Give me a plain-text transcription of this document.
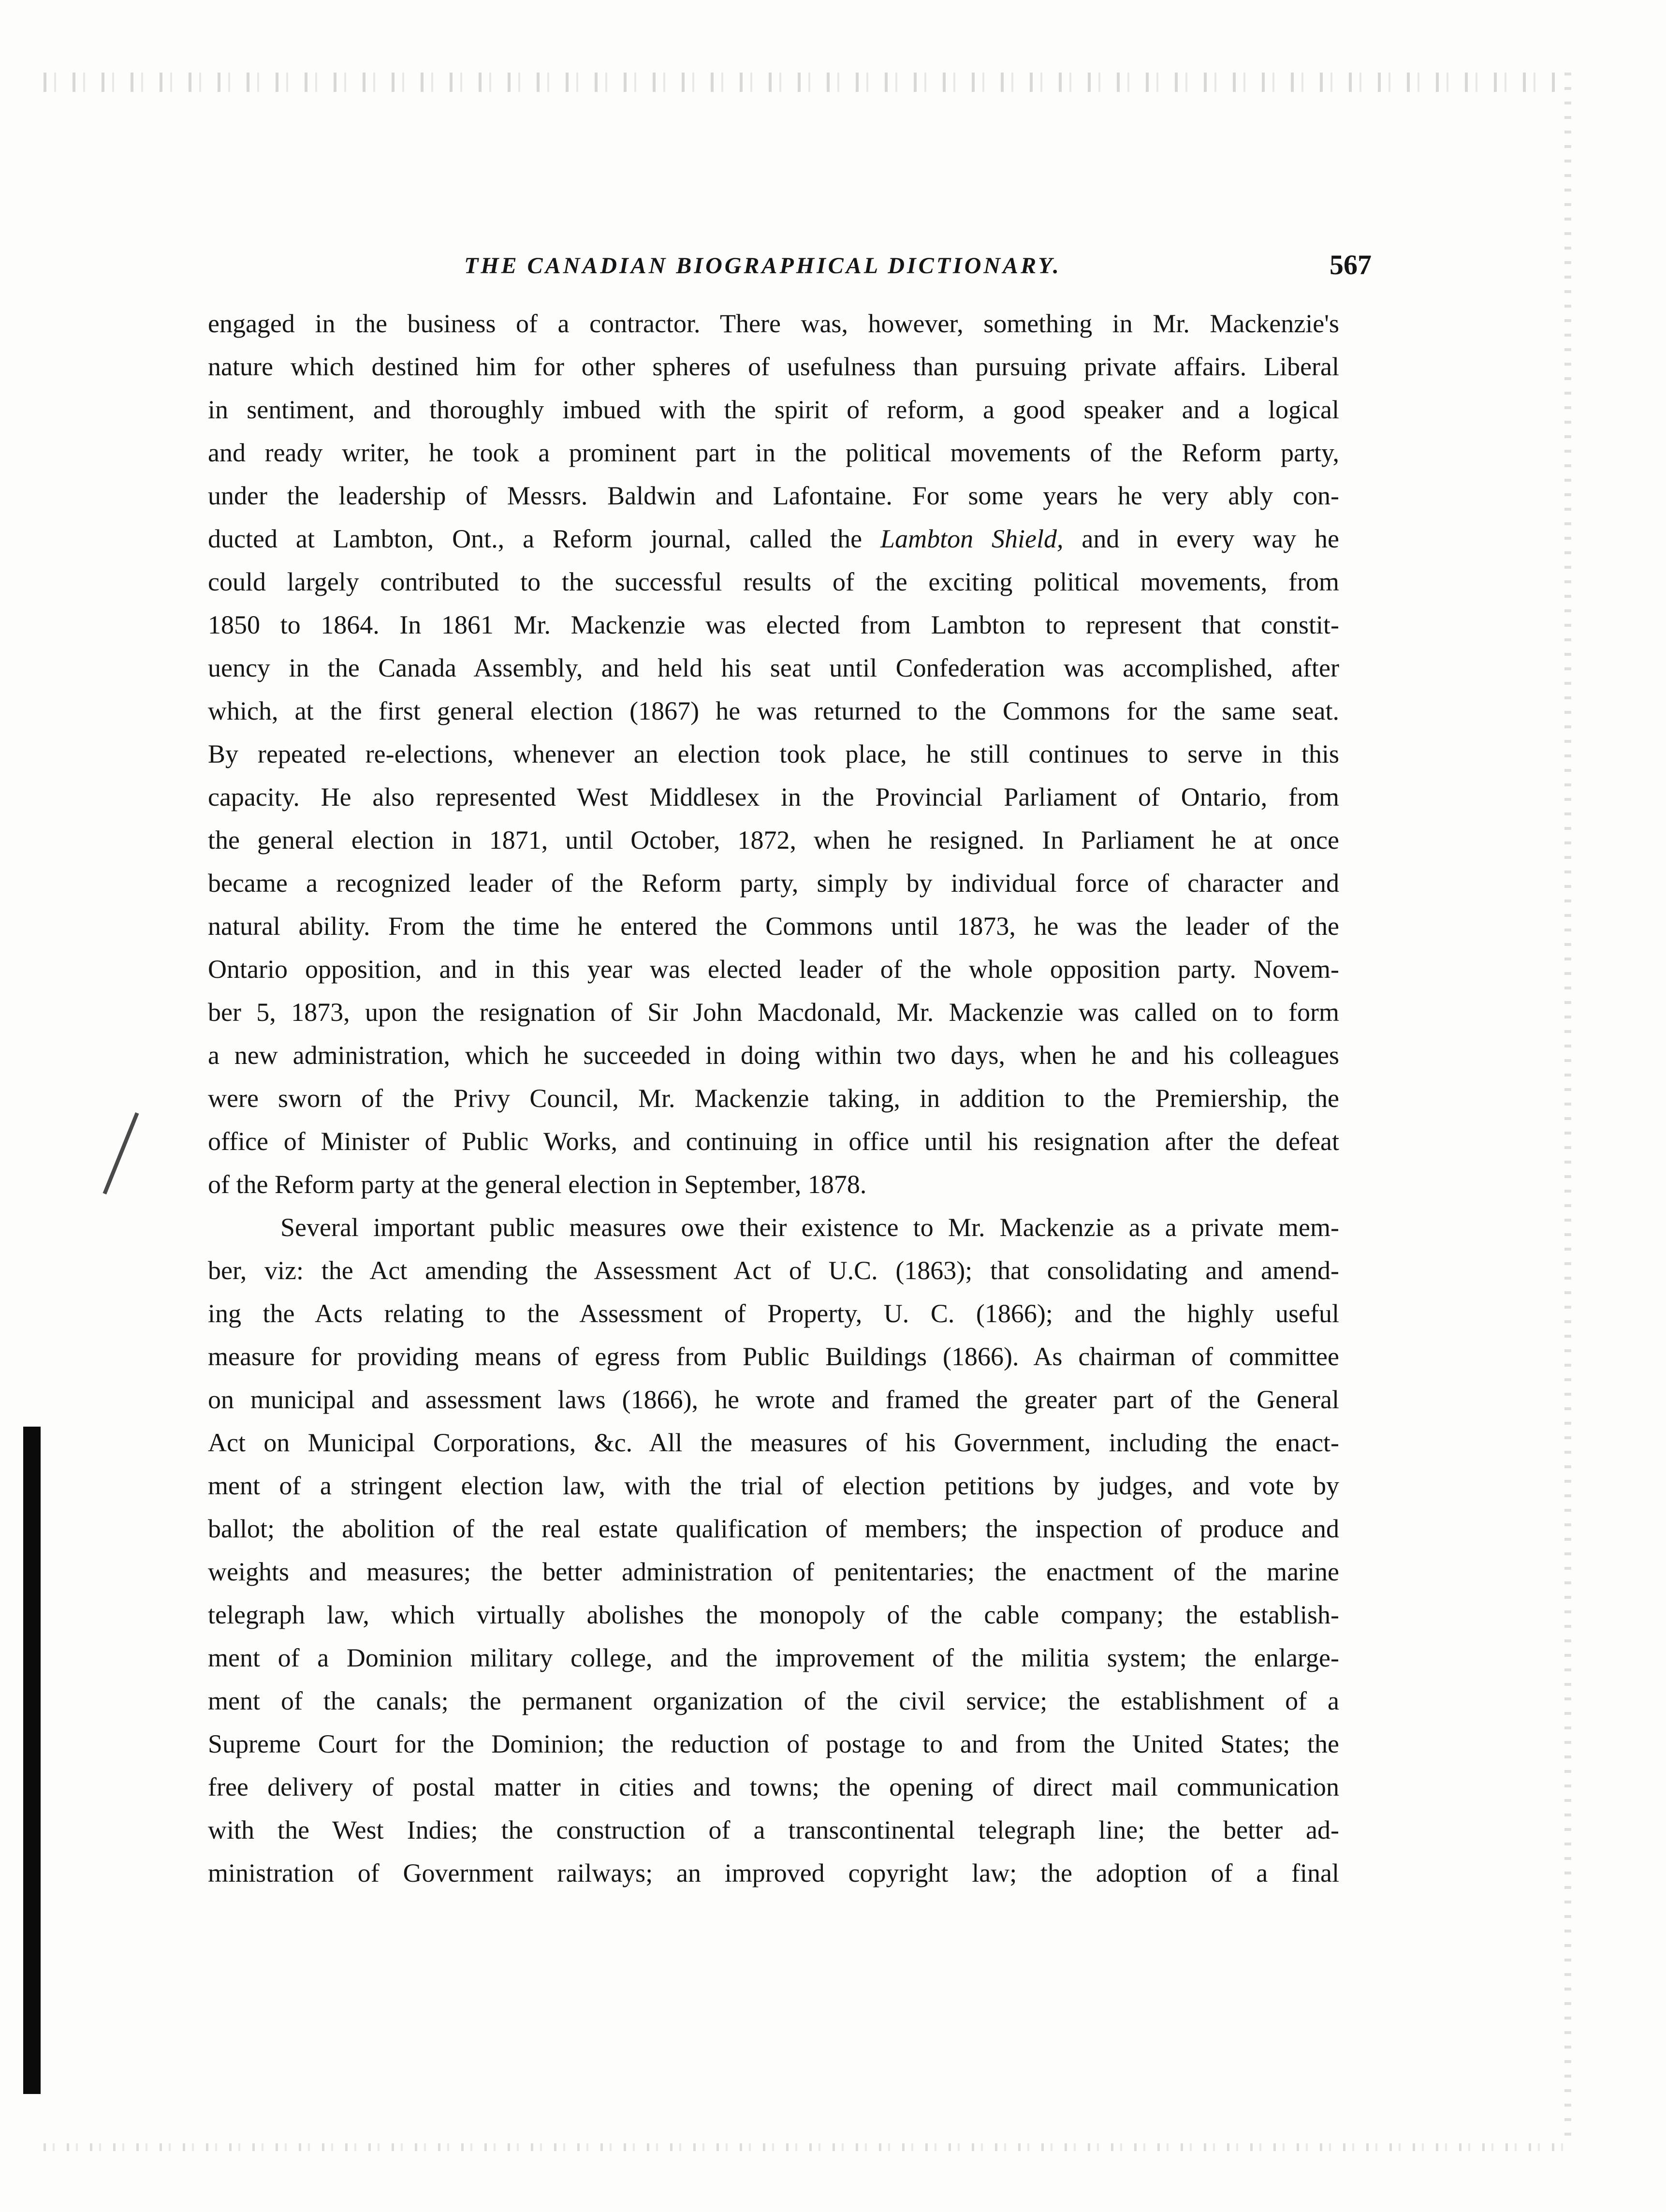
THE CANADIAN BIOGRAPHICAL DICTIONARY.	567
engaged in the business of a contractor. There was, however, something in Mr. Mackenzie's
nature which destined him for other spheres of usefulness than pursuing private affairs. Liberal
in sentiment, and thoroughly imbued with the spirit of reform, a good speaker and a logical
and ready writer, he took a prominent part in the political movements of the Reform party,
under the leadership of Messrs. Baldwin and Lafontaine. For some years he very ably con-
ducted at Lambton, Ont., a Reform journal, called the Lambton Shield, and in every way he
could largely contributed to the successful results of the exciting political movements, from
1850 to 1864. In 1861 Mr. Mackenzie was elected from Lambton to represent that constit-
uency in the Canada Assembly, and held his seat until Confederation was accomplished, after
which, at the first general election (1867) he was returned to the Commons for the same seat.
By repeated re-elections, whenever an election took place, he still continues to serve in this
capacity. He also represented West Middlesex in the Provincial Parliament of Ontario, from
the general election in 1871, until October, 1872, when he resigned. In Parliament he at once
became a recognized leader of the Reform party, simply by individual force of character and
natural ability. From the time he entered the Commons until 1873, he was the leader of the
Ontario opposition, and in this year was elected leader of the whole opposition party. Novem-
ber 5, 1873, upon the resignation of Sir John Macdonald, Mr. Mackenzie was called on to form
a new administration, which he succeeded in doing within two days, when he and his colleagues
were sworn of the Privy Council, Mr. Mackenzie taking, in addition to the Premiership, the
office of Minister of Public Works, and continuing in office until his resignation after the defeat
of the Reform party at the general election in September, 1878.
Several important public measures owe their existence to Mr. Mackenzie as a private mem-
ber, viz: the Act amending the Assessment Act of U.C. (1863); that consolidating and amend-
ing the Acts relating to the Assessment of Property, U. C. (1866); and the highly useful
measure for providing means of egress from Public Buildings (1866). As chairman of committee
on municipal and assessment laws (1866), he wrote and framed the greater part of the General
Act on Municipal Corporations, &c. All the measures of his Government, including the enact-
ment of a stringent election law, with the trial of election petitions by judges, and vote by
ballot; the abolition of the real estate qualification of members; the inspection of produce and
weights and measures; the better administration of penitentaries; the enactment of the marine
telegraph law, which virtually abolishes the monopoly of the cable company; the establish-
ment of a Dominion military college, and the improvement of the militia system; the enlarge-
ment of the canals; the permanent organization of the civil service; the establishment of a
Supreme Court for the Dominion; the reduction of postage to and from the United States; the
free delivery of postal matter in cities and towns; the opening of direct mail communication
with the West Indies; the construction of a transcontinental telegraph line; the better ad-
ministration of Government railways; an improved copyright law; the adoption of a final
